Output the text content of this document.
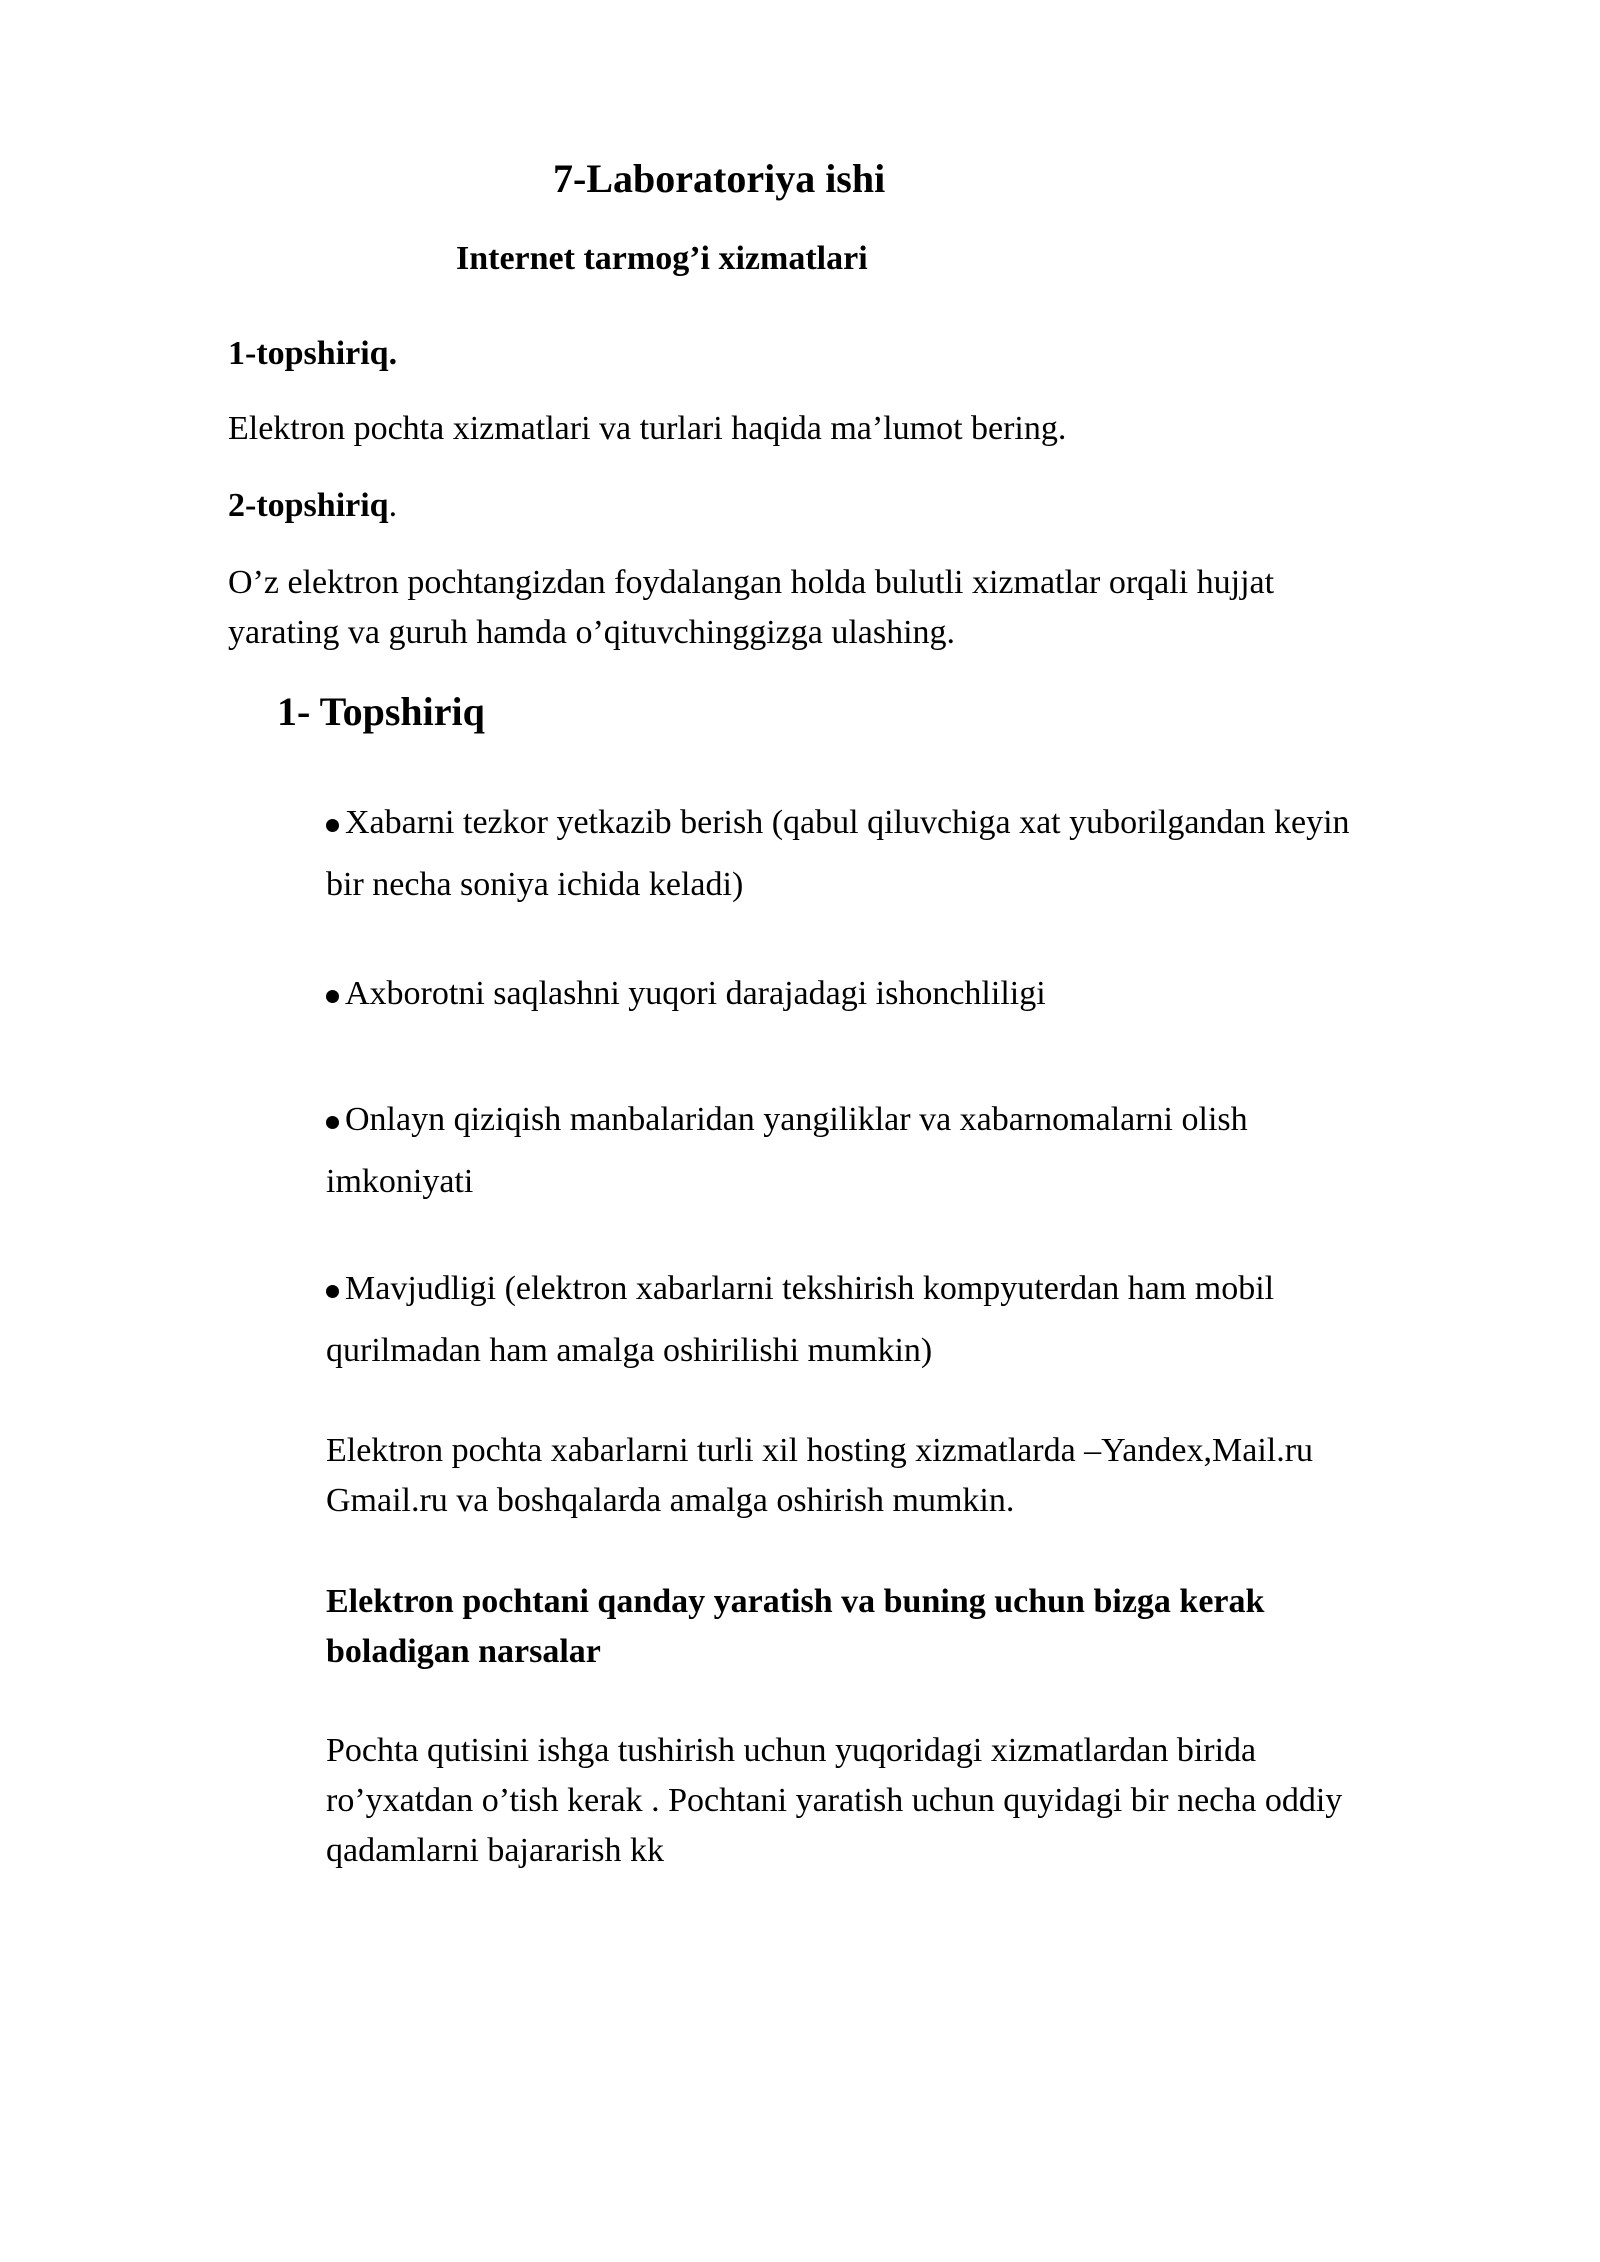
7-Laboratoriya ishi
Internet tarmog’i xizmatlari
1-topshiriq.
Elektron pochta xizmatlari va turlari haqida ma’lumot bering.
2-topshiriq.
O’z elektron pochtangizdan foydalangan holda bulutli xizmatlar orqali hujjat
yarating va guruh hamda o’qituvchinggizga ulashing.
1- Topshiriq
Xabarni tezkor yetkazib berish (qabul qiluvchiga xat yuborilgandan keyin
bir necha soniya ichida keladi)
Axborotni saqlashni yuqori darajadagi ishonchliligi
Onlayn qiziqish manbalaridan yangiliklar va xabarnomalarni olish
imkoniyati
Mavjudligi (elektron xabarlarni tekshirish kompyuterdan ham mobil
qurilmadan ham amalga oshirilishi mumkin)
Elektron pochta xabarlarni turli xil hosting xizmatlarda –Yandex,Mail.ru
Gmail.ru va boshqalarda amalga oshirish mumkin.
Elektron pochtani qanday yaratish va buning uchun bizga kerak
boladigan narsalar
Pochta qutisini ishga tushirish uchun yuqoridagi xizmatlardan birida
ro’yxatdan o’tish kerak . Pochtani yaratish uchun quyidagi bir necha oddiy
qadamlarni bajararish kk
